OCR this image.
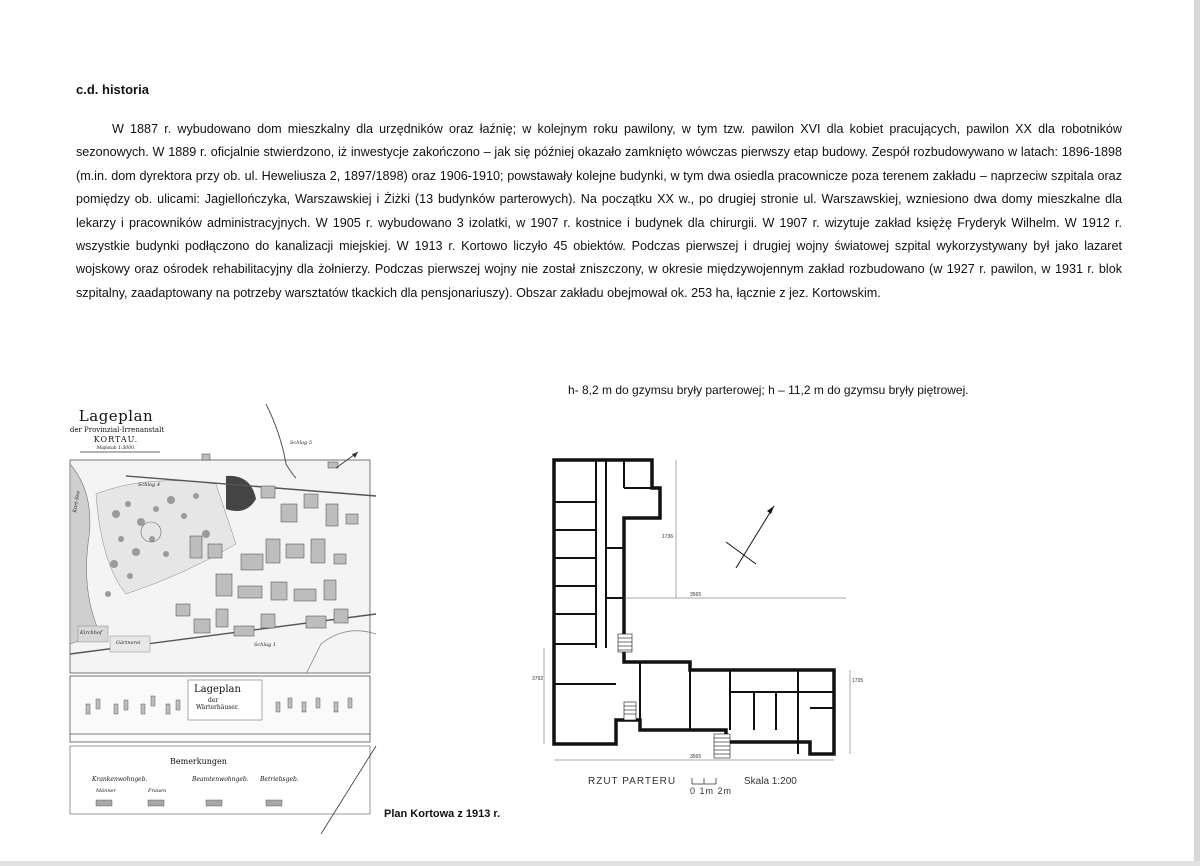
c.d. historia

W 1887 r. wybudowano dom mieszkalny dla urzędników oraz łaźnię; w kolejnym roku pawilony, w tym tzw. pawilon XVI dla kobiet pracujących, pawilon XX dla robotników sezonowych. W 1889 r. oficjalnie stwierdzono, iż inwestycje zakończono – jak się później okazało zamknięto wówczas pierwszy etap budowy. Zespół rozbudowywano w latach: 1896-1898 (m.in. dom dyrektora przy ob. ul. Heweliusza 2, 1897/1898) oraz 1906-1910; powstawały kolejne budynki, w tym dwa osiedla pracownicze poza terenem zakładu – naprzeciw szpitala oraz pomiędzy ob. ulicami: Jagiellończyka, Warszawskiej i Żiżki (13 budynków parterowych). Na początku XX w., po drugiej stronie ul. Warszawskiej, wzniesiono dwa domy mieszkalne dla lekarzy i pracowników administracyjnych. W 1905 r. wybudowano 3 izolatki, w 1907 r. kostnice i budynek dla chirurgii. W 1907 r. wizytuje zakład księżę Fryderyk Wilhelm. W 1912 r. wszystkie budynki podłączono do kanalizacji miejskiej. W 1913 r. Kortowo liczyło 45 obiektów. Podczas pierwszej i drugiej wojny światowej szpital wykorzystywany był jako lazaret wojskowy oraz ośrodek rehabilitacyjny dla żołnierzy. Podczas pierwszej wojny nie został zniszczony, w okresie międzywojennym zakład rozbudowano (w 1927 r. pawilon, w 1931 r. blok szpitalny, zaadaptowany na potrzeby warsztatów tkackich dla pensjonariuszy). Obszar zakładu obejmował ok. 253 ha, łącznie z jez. Kortowskim.

h- 8,2 m do gzymsu bryły parterowej; h – 11,2 m do gzymsu bryły piętrowej.
Lageplan
der Provinzial-Irrenanstalt
KORTAU.
Maßstab 1:5000.
Schlag 5
Schlag 4
Schlag 1
Kort-See
Kirchhof
Gärtnerei
Lageplan
der
Wärterhäuser.
Bemerkungen
Krankenwohngeb.	Beamtenwohngeb. Betriebsgeb.
Männer	Frauen
1736
3565
3792	1735
3565
RZUT PARTERU	Skala 1:200
0 1m 2m
Plan Kortowa z 1913 r.
